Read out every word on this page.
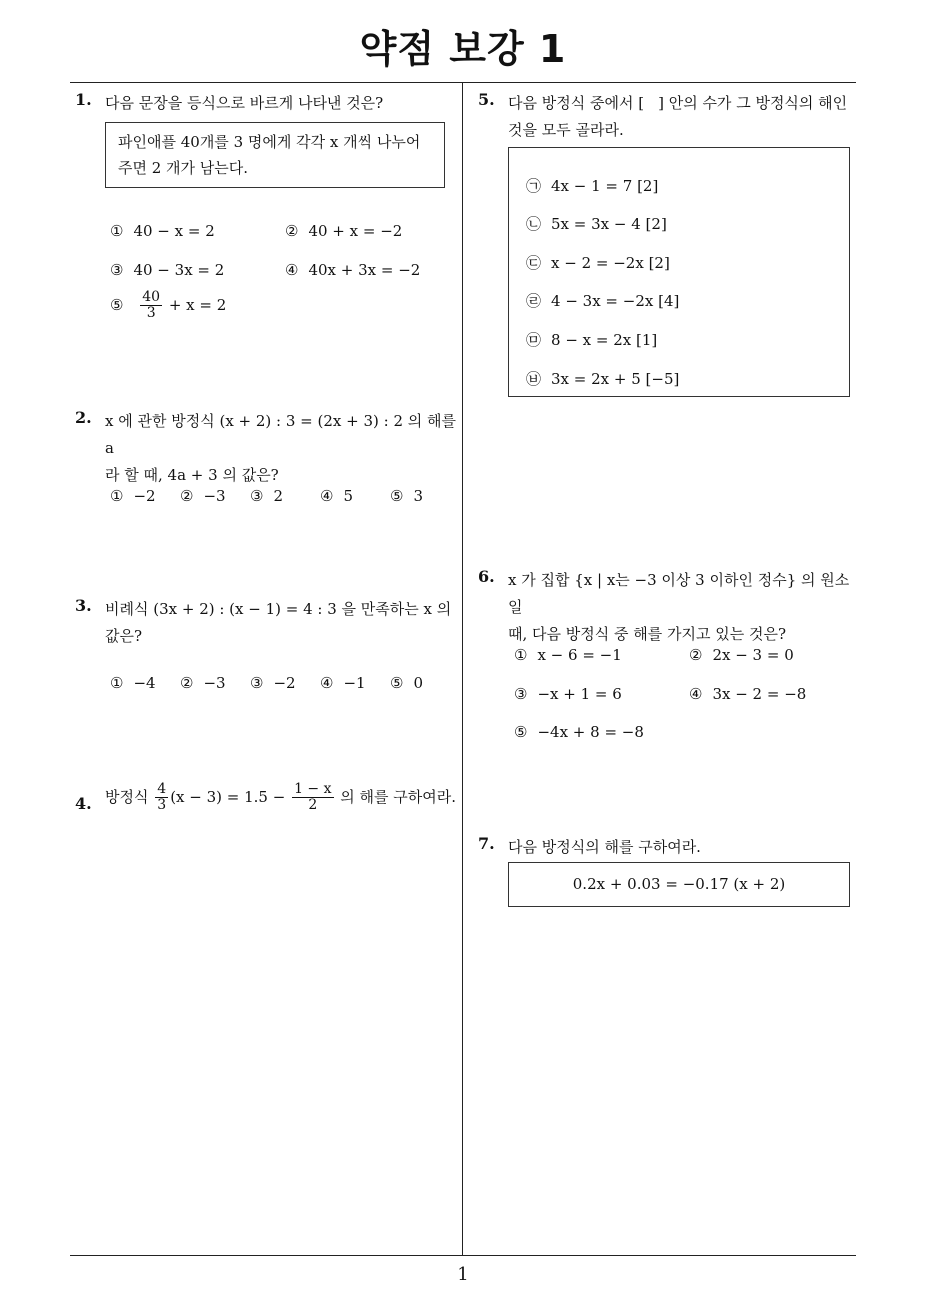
약점 보강 1
1
1. 다음 문장을 등식으로 바르게 나타낸 것은?
파인애플 40개를 3 명에게 각각 x 개씩 나누어
주면 2 개가 남는다.
① 40 − x = 2	② 40 + x = −2
③ 40 − 3x = 2	④ 40x + 3x = −2
⑤ $\frac{40}{3} + x = 2$
2. x 에 관한 방정식 (x + 2) : 3 = (2x + 3) : 2 의 해를 a
라 할 때, 4a + 3 의 값은?
① −2 ② −3 ③ 2 ④ 5 ⑤ 3
3. 비례식 (3x + 2) : (x − 1) = 4 : 3 을 만족하는 x 의
값은?
① −4 ② −3 ③ −2 ④ −1 ⑤ 0
4. 방정식 $\frac{4}{3} (x - 3) = 1.5 - \frac{1 - x}{2}$ 의 해를 구하여라.
5. 다음 방정식 중에서 [ ] 안의 수가 그 방정식의 해인
것을 모두 골라라.
㉠ 4x − 1 = 7 [2]
㉡ 5x = 3x − 4 [2]
㉢ x − 2 = −2x [2]
㉣ 4 − 3x = −2x [4]
㉤ 8 − x = 2x [1]
㉥ 3x = 2x + 5 [−5]
6. x 가 집합 {x | x는 −3 이상 3 이하인 정수} 의 원소일
때, 다음 방정식 중 해를 가지고 있는 것은?
① x − 6 = −1	② 2x − 3 = 0
③ −x + 1 = 6	④ 3x − 2 = −8
⑤ −4x + 8 = −8
7. 다음 방정식의 해를 구하여라.
0.2x + 0.03 = −0.17 (x + 2)
